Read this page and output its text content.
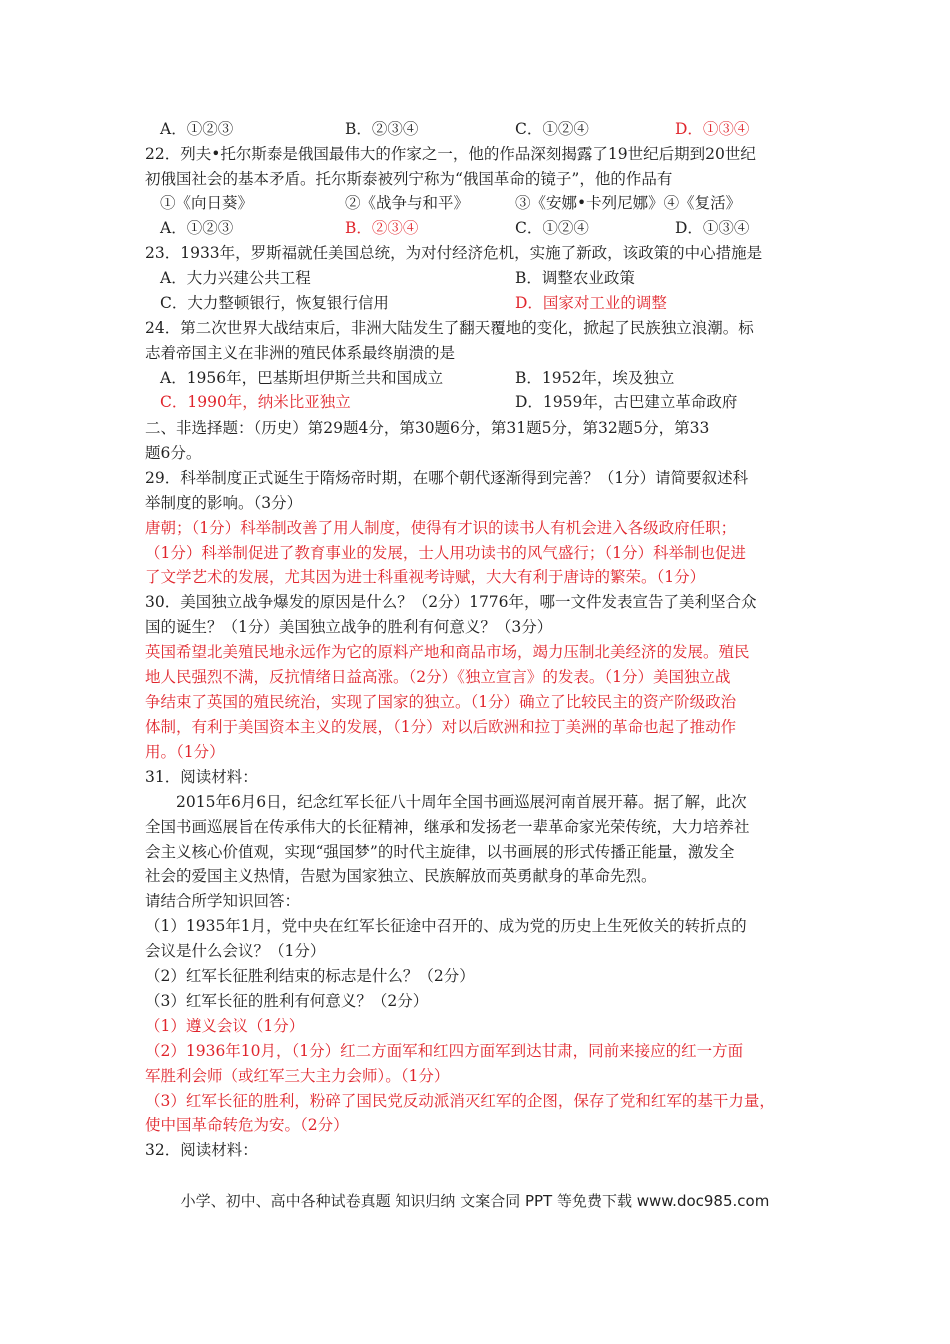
A．①②③	B．②③④	C．①②④	D．①③④
22．列夫•托尔斯泰是俄国最伟大的作家之一，他的作品深刻揭露了19世纪后期到20世纪
初俄国社会的基本矛盾。托尔斯泰被列宁称为“俄国革命的镜子”，他的作品有
①《向日葵》	②《战争与和平》	③《安娜•卡列尼娜》④《复活》
A．①②③	B．②③④	C．①②④	D．①③④
23．1933年，罗斯福就任美国总统，为对付经济危机，实施了新政，该政策的中心措施是
A．大力兴建公共工程	B．调整农业政策
C．大力整顿银行，恢复银行信用	D．国家对工业的调整
24．第二次世界大战结束后，非洲大陆发生了翻天覆地的变化，掀起了民族独立浪潮。标
志着帝国主义在非洲的殖民体系最终崩溃的是
A．1956年，巴基斯坦伊斯兰共和国成立	B．1952年，埃及独立
C．1990年，纳米比亚独立	D．1959年，古巴建立革命政府
二、非选择题：（历史）第29题4分，第30题6分，第31题5分，第32题5分，第33
题6分。
29．科举制度正式诞生于隋炀帝时期，在哪个朝代逐渐得到完善？（1分）请简要叙述科
举制度的影响。（3分）
唐朝；（1分）科举制改善了用人制度，使得有才识的读书人有机会进入各级政府任职；
（1分）科举制促进了教育事业的发展，士人用功读书的风气盛行；（1分）科举制也促进
了文学艺术的发展，尤其因为进士科重视考诗赋，大大有利于唐诗的繁荣。（1分）
30．美国独立战争爆发的原因是什么？（2分）1776年，哪一文件发表宣告了美利坚合众
国的诞生？（1分）美国独立战争的胜利有何意义？（3分）
英国希望北美殖民地永远作为它的原料产地和商品市场，竭力压制北美经济的发展。殖民
地人民强烈不满，反抗情绪日益高涨。（2分）《独立宣言》的发表。（1分）美国独立战
争结束了英国的殖民统治，实现了国家的独立。（1分）确立了比较民主的资产阶级政治
体制，有利于美国资本主义的发展，（1分）对以后欧洲和拉丁美洲的革命也起了推动作
用。（1分）
31．阅读材料：
2015年6月6日，纪念红军长征八十周年全国书画巡展河南首展开幕。据了解，此次
全国书画巡展旨在传承伟大的长征精神，继承和发扬老一辈革命家光荣传统，大力培养社
会主义核心价值观，实现“强国梦”的时代主旋律，以书画展的形式传播正能量，激发全
社会的爱国主义热情，告慰为国家独立、民族解放而英勇献身的革命先烈。
请结合所学知识回答：
（1）1935年1月，党中央在红军长征途中召开的、成为党的历史上生死攸关的转折点的
会议是什么会议？（1分）
（2）红军长征胜利结束的标志是什么？（2分）
（3）红军长征的胜利有何意义？（2分）
（1）遵义会议（1分）
（2）1936年10月，（1分）红二方面军和红四方面军到达甘肃，同前来接应的红一方面
军胜利会师（或红军三大主力会师）。（1分）
（3）红军长征的胜利，粉碎了国民党反动派消灭红军的企图，保存了党和红军的基干力量，
使中国革命转危为安。（2分）
32．阅读材料：
小学、初中、高中各种试卷真题 知识归纳 文案合同 PPT 等免费下载 www.doc985.com
